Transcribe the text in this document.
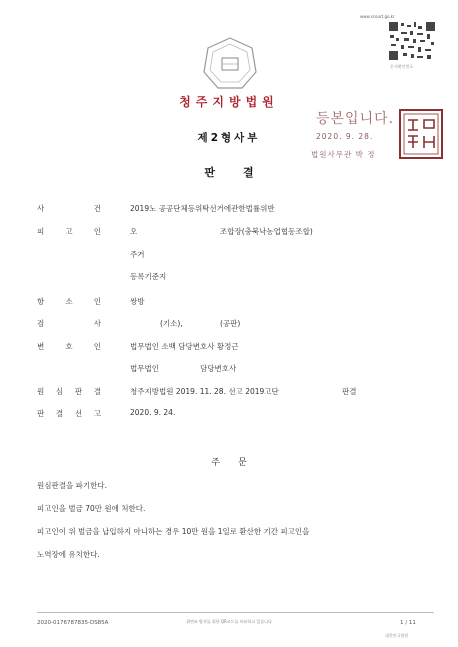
www.scourt.go.kr
문서확인번호
청주지방법원
제2형사부
판결
등본입니다.
2020. 9. 28.
법원사무관 박 정
사	건	2019노 공공단체등위탁선거에관한법률위반
피	고	인	오	조합장(충북낙농업협동조합)
주거
등록기준지
항	소	인	쌍방
검	사	(기소),	(공판)
변	호	인	법무법인 소백 담당변호사 황정근
법무법인	담당변호사
원 심 판 결	청주지방법원 2019. 11. 28. 선고 2019고단	판결
판 결 선 고	2020. 9. 24.
주문
원심판결을 파기한다.
피고인을 벌금 70만 원에 처한다.
피고인이 위 벌금을 납입하지 아니하는 경우 10만 원을 1일로 환산한 기간 피고인을
노역장에 유치한다.
2020-0176787835-DS85A	위변조 방지를 위한 QR코드를 보유하고 있습니다	1 / 11
대한민국법원
